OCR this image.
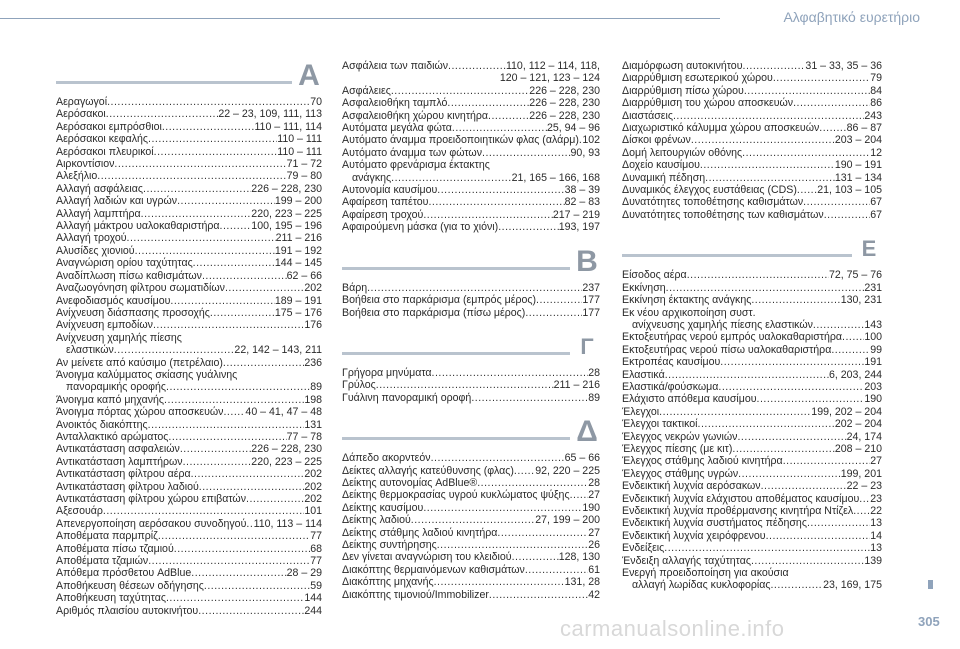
Αλφαβητικό ευρετήριο
A
Αεραγωγοί .....	70
Αερόσακοι .....	22 – 23, 109, 111, 113
Αερόσακοι εμπρόσθιοι .....	110 – 111, 114
Αερόσακοι κεφαλής .....	110 – 111
Αερόσακοι πλευρικοί .....	110 – 111
Αιρκοντίσιον .....	71 – 72
Αλεξήλιο .....	79 – 80
Αλλαγή ασφάλειας .....	226 – 228, 230
Αλλαγή λαδιών και υγρών .....	199 – 200
Αλλαγή λαμπτήρα .....	220, 223 – 225
Αλλαγή μάκτρου υαλοκαθαριστήρα .....	100, 195 – 196
Αλλαγή τροχού .....	211 – 216
Αλυσίδες χιονιού .....	191 – 192
Αναγνώριση ορίου ταχύτητας .....	144 – 145
Αναδίπλωση πίσω καθισμάτων .....	62 – 66
Αναζωογόνηση φίλτρου σωματιδίων .....	202
Ανεφοδιασμός καυσίμου .....	189 – 191
Ανίχνευση διάσπασης προσοχής .....	175 – 176
Ανίχνευση εμποδίων .....	176
Ανίχνευση χαμηλής πίεσης
ελαστικών .....	22, 142 – 143, 211
Αν μείνετε από καύσιμο (πετρέλαιο) .....	236
Άνοιγμα καλύμματος σκίασης γυάλινης
πανοραμικής οροφής .....	89
Άνοιγμα καπό μηχανής .....	198
Άνοιγμα πόρτας χώρου αποσκευών ..... 40 – 41, 47 – 48
Ανοικτός διακόπτης .....	131
Ανταλλακτικό αρώματος .....	77 – 78
Αντικατάσταση ασφαλειών .....	226 – 228, 230
Αντικατάσταση λαμπτήρων .....	220, 223 – 225
Αντικατάσταση φίλτρου αέρα .....	202
Αντικατάσταση φίλτρου λαδιού .....	202
Αντικατάσταση φίλτρου χώρου επιβατών .....	202
Αξεσουάρ .....	101
Απενεργοποίηση αερόσακου συνοδηγού ..... 110, 113 – 114
Αποθέματα παρμπρίζ .....	77
Αποθέματα πίσω τζαμιού .....	68
Αποθέματα τζαμιών .....	77
Απόθεμα πρόσθετου AdBlue .....	28 – 29
Αποθήκευση θέσεων οδήγησης .....	59
Αποθήκευση ταχύτητας .....	144
Αριθμός πλαισίου αυτοκινήτου .....	244
Ασφάλεια των παιδιών .....	110, 112 – 114, 118,
120 – 121, 123 – 124
Ασφάλειες .....	226 – 228, 230
Ασφαλειοθήκη ταμπλό .....	226 – 228, 230
Ασφαλειοθήκη χώρου κινητήρα .....	226 – 228, 230
Αυτόματα μεγάλα φώτα .....	25, 94 – 96
Αυτόματο άναμμα προειδοποιητικών φλας (αλάρμ) ..... 102
Αυτόματο άναμμα των φώτων .....	90, 93
Αυτόματο φρενάρισμα έκτακτης
ανάγκης .....	21, 165 – 166, 168
Αυτονομία καυσίμου .....	38 – 39
Αφαίρεση ταπέτου .....	82 – 83
Αφαίρεση τροχού .....	217 – 219
Αφαιρούμενη μάσκα (για το χιόνι) .....	193, 197
B
Βάρη .....	237
Βοήθεια στο παρκάρισμα (εμπρός μέρος) .....	177
Βοήθεια στο παρκάρισμα (πίσω μέρος) .....	177
Γ
Γρήγορα μηνύματα .....	28
Γρύλος .....	211 – 216
Γυάλινη πανοραμική οροφή .....	89
Δ
Δάπεδο ακορντεόν .....	65 – 66
Δείκτες αλλαγής κατεύθυνσης (φλας) ..... 92, 220 – 225
Δείκτης αυτονομίας AdBlue® .....	28
Δείκτης θερμοκρασίας υγρού κυκλώματος ψύξης ..... 27
Δείκτης καυσίμου .....	190
Δείκτης λαδιού .....	27, 199 – 200
Δείκτης στάθμης λαδιού κινητήρα .....	27
Δείκτης συντήρησης .....	26
Δεν γίνεται αναγνώριση του κλειδιού .....	128, 130
Διακόπτης θερμαινόμενων καθισμάτων .....	61
Διακόπτης μηχανής .....	131, 28
Διακόπτης τιμονιού/Immobilizer .....	42
Διαμόρφωση αυτοκινήτου .....	31 – 33, 35 – 36
Διαρρύθμιση εσωτερικού χώρου .....	79
Διαρρύθμιση πίσω χώρου .....	84
Διαρρύθμιση του χώρου αποσκευών .....	86
Διαστάσεις .....	243
Διαχωριστικό κάλυμμα χώρου αποσκευών .....	86 – 87
Δίσκοι φρένων .....	203 – 204
Δομή λειτουργιών οθόνης .....	12
Δοχείο καυσίμου .....	190 – 191
Δυναμική πέδηση .....	131 – 134
Δυναμικός έλεγχος ευστάθειας (CDS) ..... 21, 103 – 105
Δυνατότητες τοποθέτησης καθισμάτων .....	67
Δυνατότητες τοποθέτησης των καθισμάτων .....	67
Ε
Είσοδος αέρα .....	72, 75 – 76
Εκκίνηση .....	231
Εκκίνηση έκτακτης ανάγκης .....	130, 231
Εκ νέου αρχικοποίηση συστ.
ανίχνευσης χαμηλής πίεσης ελαστικών .....	143
Εκτοξευτήρας νερού εμπρός υαλοκαθαριστήρα ..... 100
Εκτοξευτήρας νερού πίσω υαλοκαθαριστήρα .....	99
Εκτροπέας καυσίμου .....	191
Ελαστικά .....	6, 203, 244
Ελαστικά/φούσκωμα .....	203
Ελάχιστο απόθεμα καυσίμου .....	190
Έλεγχοι .....	199, 202 – 204
Έλεγχοι τακτικοί .....	202 – 204
Έλεγχος νεκρών γωνιών .....	24, 174
Έλεγχος πίεσης (με κιτ) .....	208 – 210
Έλεγχος στάθμης λαδιού κινητήρα .....	27
Έλεγχος στάθμης υγρών .....	199, 201
Ενδεικτική λυχνία αερόσακων .....	22 – 23
Ενδεικτική λυχνία ελάχιστου αποθέματος καυσίμου ..... 23
Ενδεικτική λυχνία προθέρμανσης κινητήρα Ντίζελ ..... 22
Ενδεικτική λυχνία συστήματος πέδησης .....	13
Ενδεικτική λυχνία χειρόφρενου .....	14
Ενδείξεις .....	13
Ένδειξη αλλαγής ταχύτητας .....	139
Ενεργή προειδοποίηση για ακούσια
αλλαγή λωρίδας κυκλοφορίας .....	23, 169, 175
305
carmanualsonline.info
